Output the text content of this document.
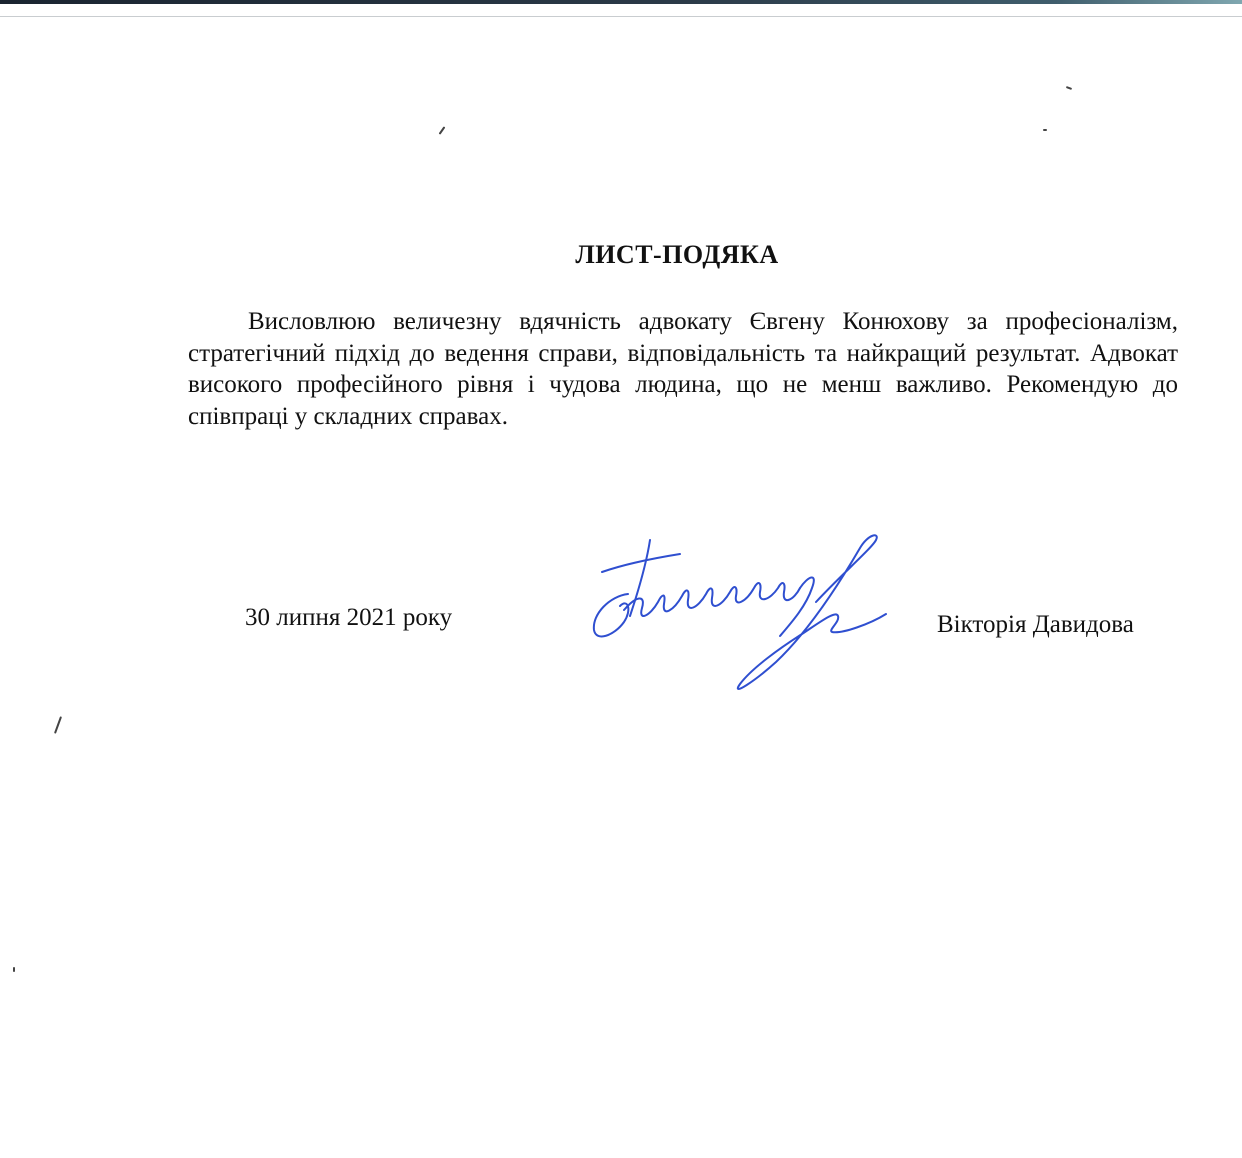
ЛИСТ-ПОДЯКА

Висловлюю величезну вдячність адвокату Євгену Конюхову за професіоналізм, стратегічний підхід до ведення справи, відповідальність та найкращий результат. Адвокат високого професійного рівня і чудова людина, що не менш важливо. Рекомендую до співпраці у складних справах.

30 липня 2021 року	Вікторія Давидова
